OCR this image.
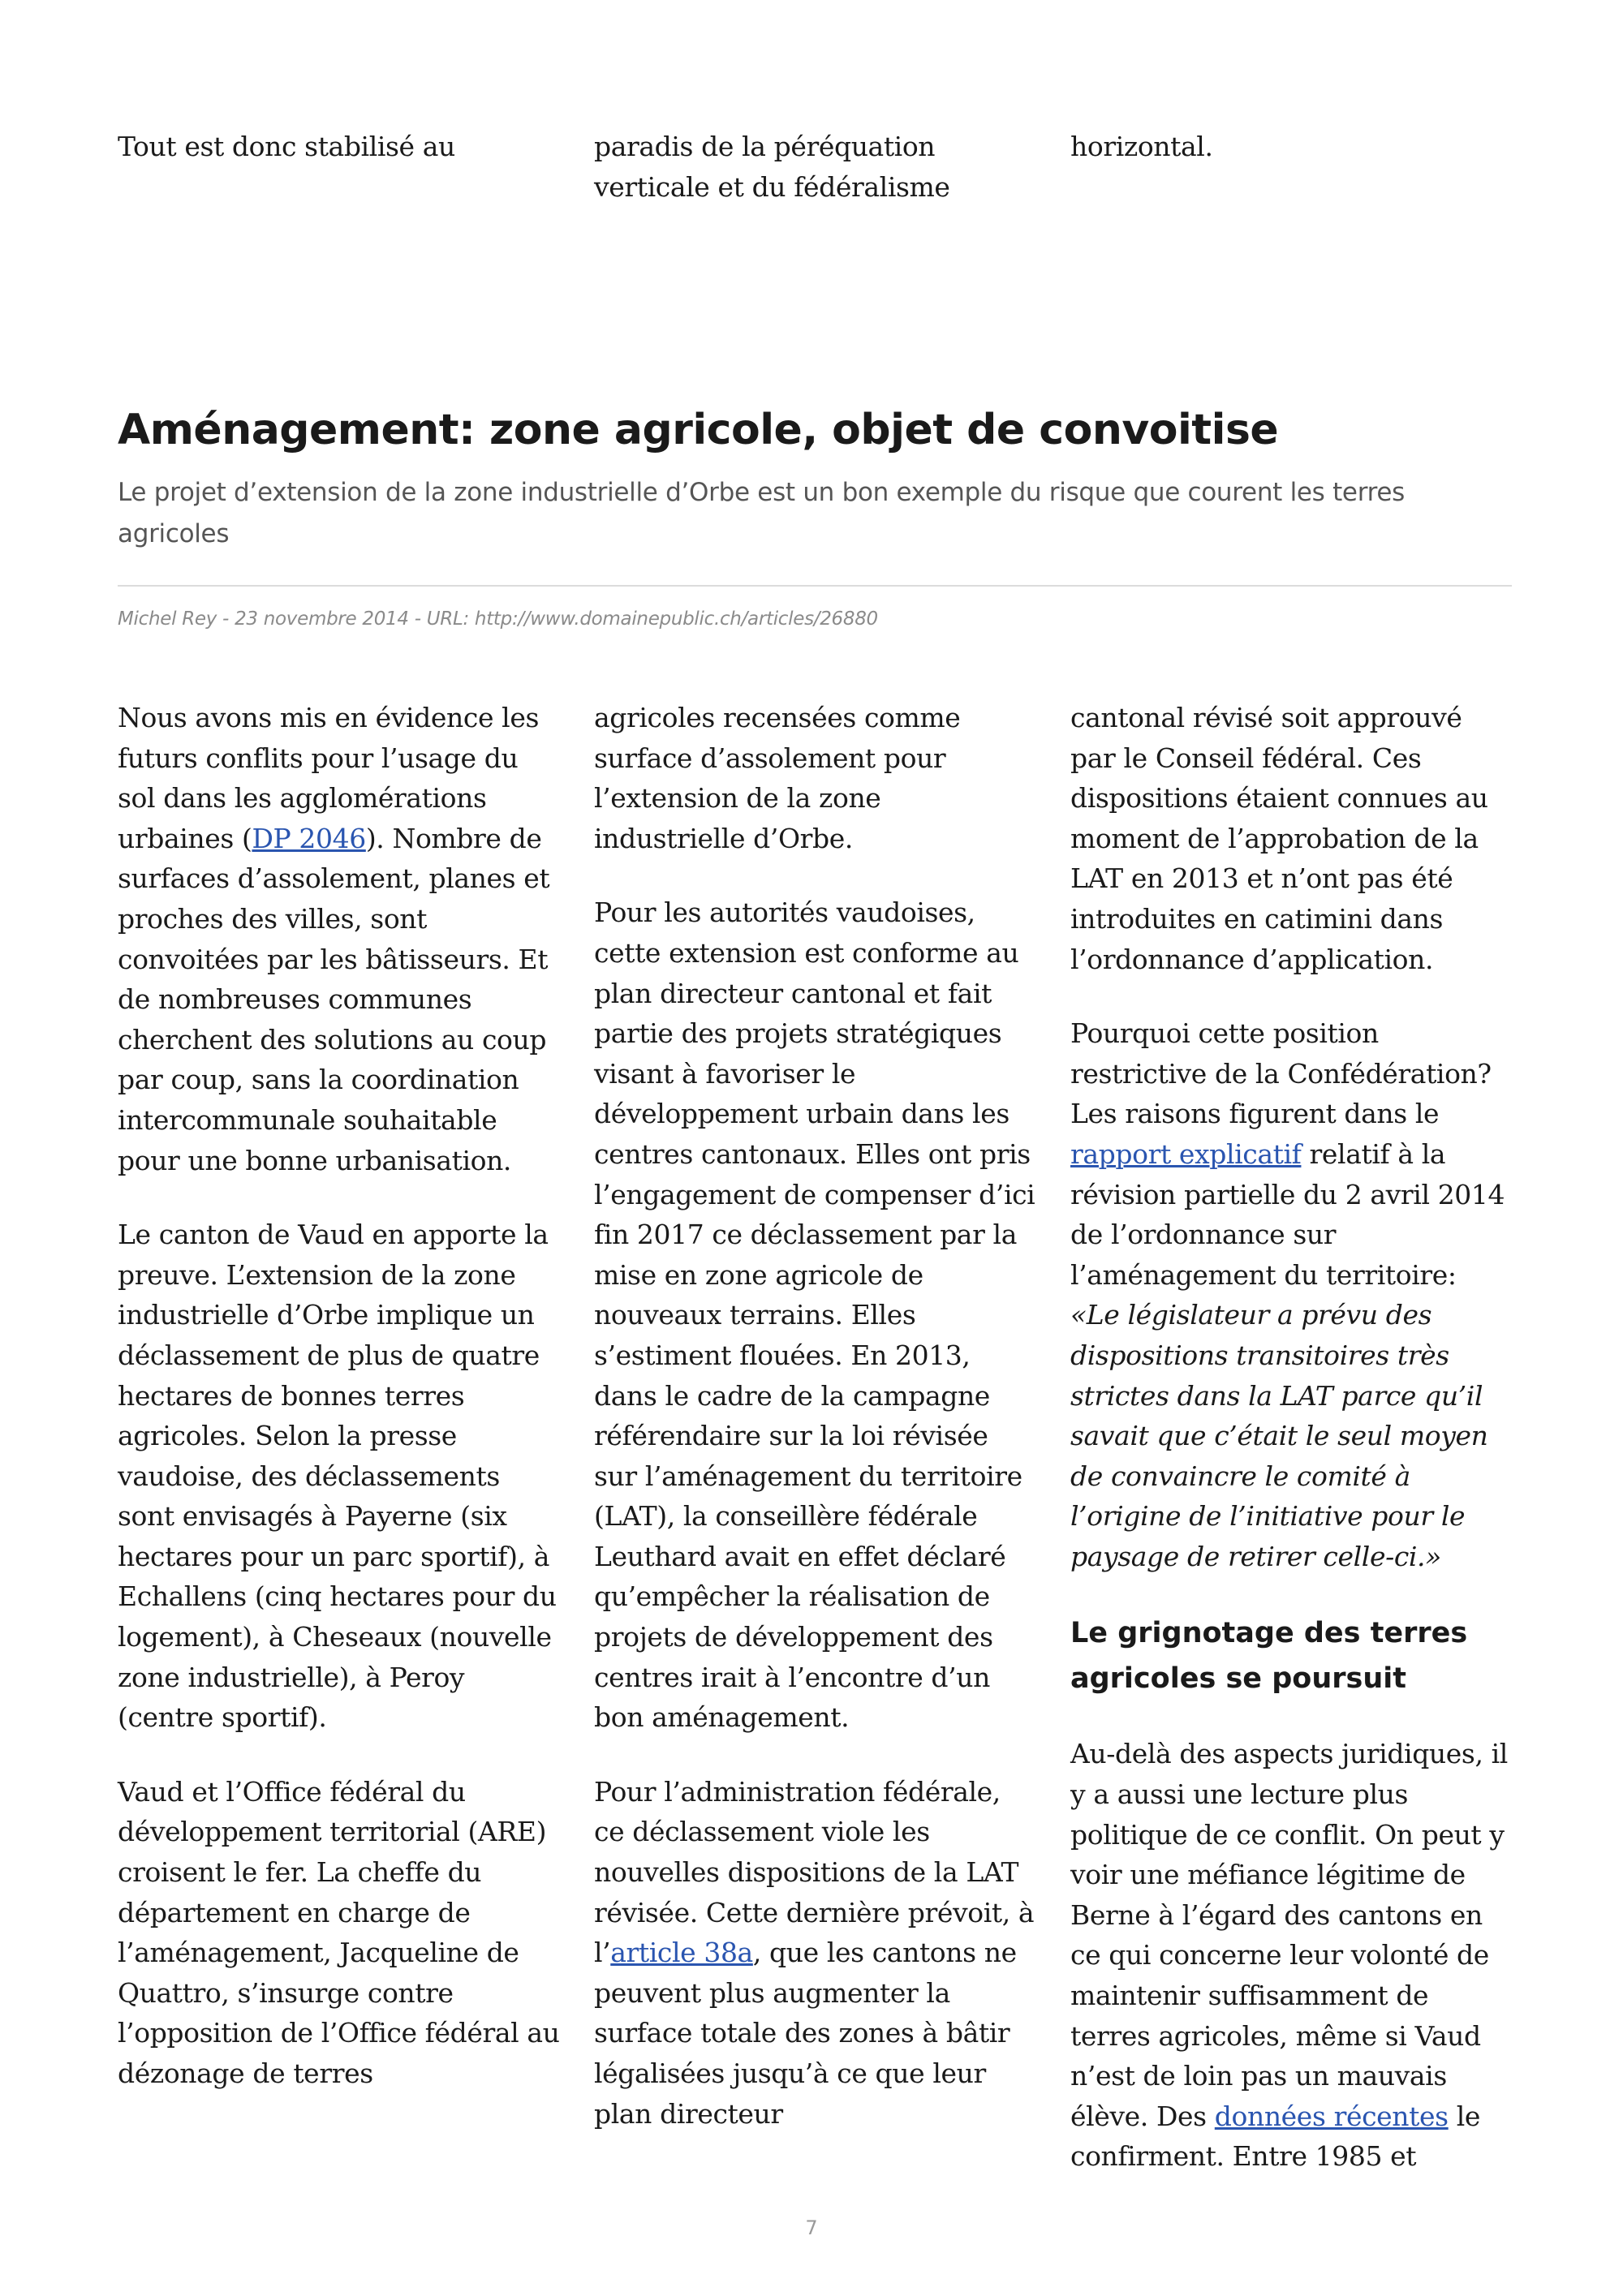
Tout est donc stabilisé au	paradis de la péréquation verticale et du fédéralisme

horizontal.

Aménagement: zone agricole, objet de convoitise

Le projet d’extension de la zone industrielle d’Orbe est un bon exemple du risque que courent les terres agricoles

Michel Rey - 23 novembre 2014 - URL: http://www.domainepublic.ch/articles/26880

Nous avons mis en évidence les futurs conflits pour l’usage du sol dans les agglomérations urbaines (DP 2046). Nombre de surfaces d’assolement, planes et proches des villes, sont convoitées par les bâtisseurs. Et de nombreuses communes cherchent des solutions au coup par coup, sans la coordination intercommunale souhaitable pour une bonne urbanisation.

Le canton de Vaud en apporte la preuve. L’extension de la zone industrielle d’Orbe implique un déclassement de plus de quatre hectares de bonnes terres agricoles. Selon la presse vaudoise, des déclassements sont envisagés à Payerne (six hectares pour un parc sportif), à Echallens (cinq hectares pour du logement), à Cheseaux (nouvelle zone industrielle), à Peroy (centre sportif).

Vaud et l’Office fédéral du développement territorial (ARE) croisent le fer. La cheffe du département en charge de l’aménagement, Jacqueline de Quattro, s’insurge contre l’opposition de l’Office fédéral au dézonage de terres

agricoles recensées comme surface d’assolement pour l’extension de la zone industrielle d’Orbe.

Pour les autorités vaudoises, cette extension est conforme au plan directeur cantonal et fait partie des projets stratégiques visant à favoriser le développement urbain dans les centres cantonaux. Elles ont pris l’engagement de compenser d’ici fin 2017 ce déclassement par la mise en zone agricole de nouveaux terrains. Elles s’estiment flouées. En 2013, dans le cadre de la campagne référendaire sur la loi révisée sur l’aménagement du territoire (LAT), la conseillère fédérale Leuthard avait en effet déclaré qu’empêcher la réalisation de projets de développement des centres irait à l’encontre d’un bon aménagement.

Pour l’administration fédérale, ce déclassement viole les nouvelles dispositions de la LAT révisée. Cette dernière prévoit, à l’article 38a, que les cantons ne peuvent plus augmenter la surface totale des zones à bâtir légalisées jusqu’à ce que leur plan directeur

cantonal révisé soit approuvé par le Conseil fédéral. Ces dispositions étaient connues au moment de l’approbation de la LAT en 2013 et n’ont pas été introduites en catimini dans l’ordonnance d’application.

Pourquoi cette position restrictive de la Confédération? Les raisons figurent dans le rapport explicatif relatif à la révision partielle du 2 avril 2014 de l’ordonnance sur l’aménagement du territoire: «Le législateur a prévu des dispositions transitoires très strictes dans la LAT parce qu’il savait que c’était le seul moyen de convaincre le comité à l’origine de l’initiative pour le paysage de retirer celle-ci.»

Le grignotage des terres agricoles se poursuit

Au-delà des aspects juridiques, il y a aussi une lecture plus politique de ce conflit. On peut y voir une méfiance légitime de Berne à l’égard des cantons en ce qui concerne leur volonté de maintenir suffisamment de terres agricoles, même si Vaud n’est de loin pas un mauvais élève. Des données récentes le confirment. Entre 1985 et

7
